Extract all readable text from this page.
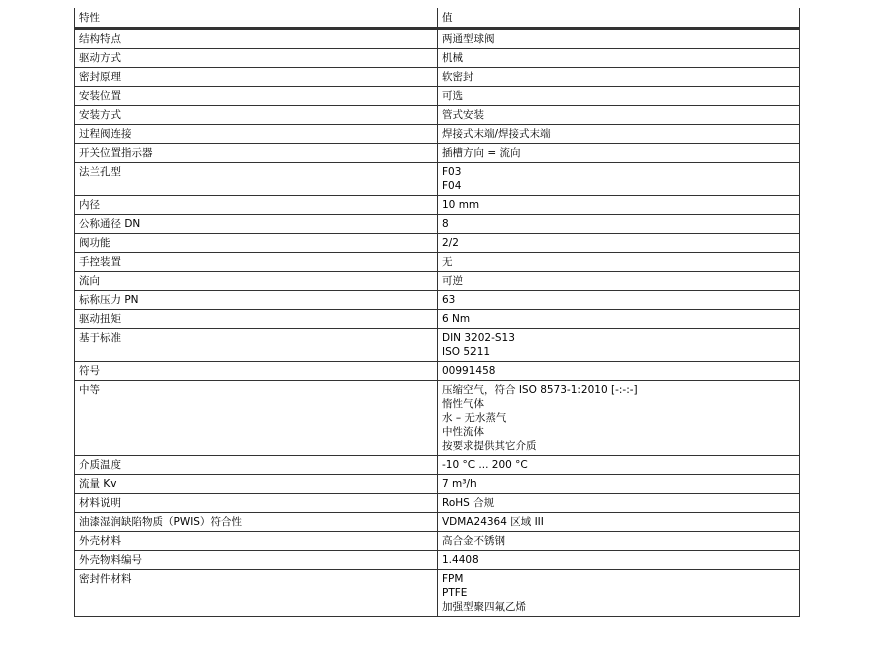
特性	值
结构特点	两通型球阀

驱动方式	机械

密封原理	软密封

安装位置	可选

安装方式	管式安装

过程阀连接	焊接式末端/焊接式末端

开关位置指示器	插槽方向 = 流向

法兰孔型	F03
F04

内径	10 mm

公称通径 DN	8

阀功能	2/2

手控装置	无

流向	可逆

标称压力 PN	63

驱动扭矩	6 Nm

基于标准	DIN 3202-S13
ISO 5211

符号	00991458

中等	压缩空气，符合 ISO 8573-1:2010 [-:-:-]
惰性气体
水 – 无水蒸气
中性流体
按要求提供其它介质

介质温度	-10 °C ... 200 °C

流量 Kv	7 m³/h

材料说明	RoHS 合规

油漆湿润缺陷物质（PWIS）符合性	VDMA24364 区域 III

外壳材料	高合金不锈钢

外壳物料编号	1.4408

密封件材料	FPM
PTFE
加强型聚四氟乙烯
